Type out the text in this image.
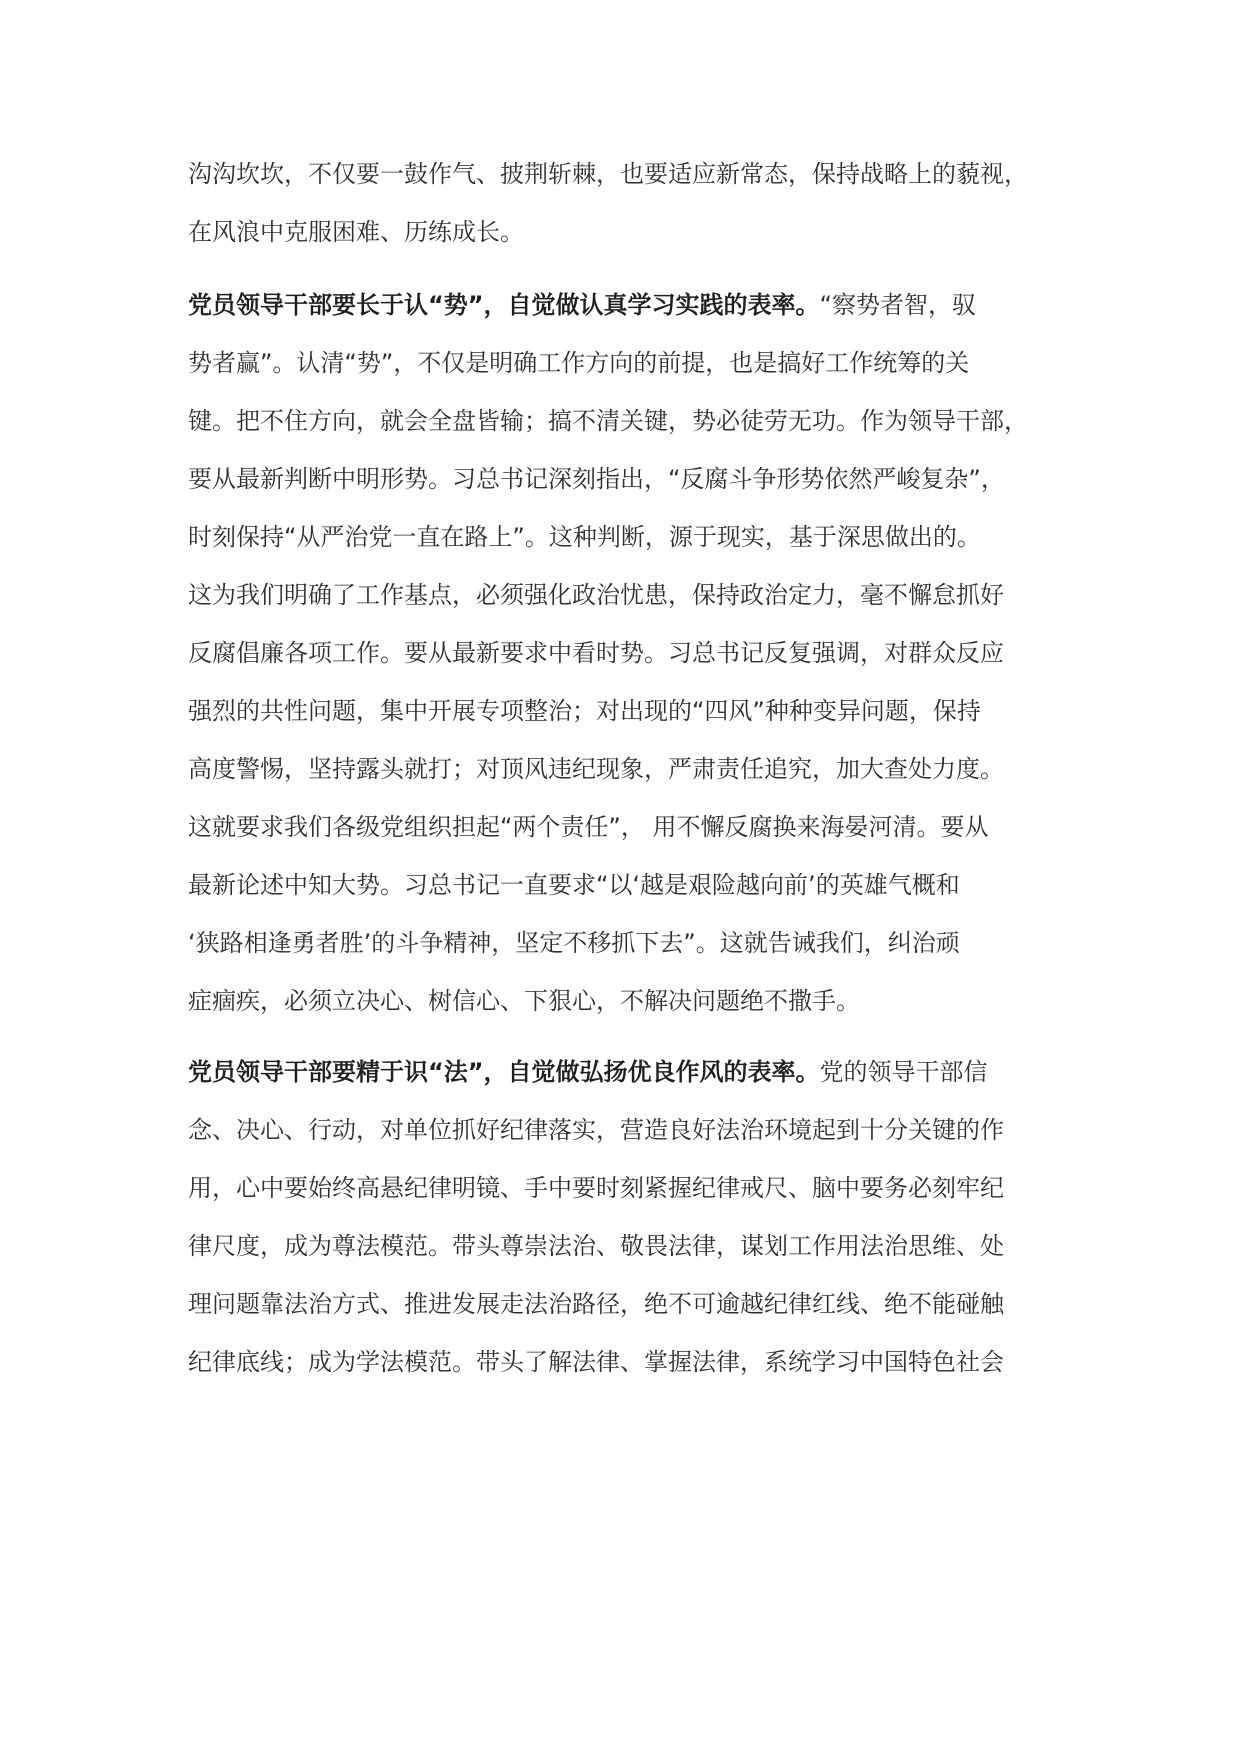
沟沟坎坎，不仅要一鼓作气、披荆斩棘，也要适应新常态，保持战略上的藐视，
在风浪中克服困难、历练成长。
党员领导干部要长于认“势”，自觉做认真学习实践的表率。“察势者智，驭
势者赢”。认清“势”，不仅是明确工作方向的前提，也是搞好工作统筹的关
键。把不住方向，就会全盘皆输；搞不清关键，势必徒劳无功。作为领导干部，
要从最新判断中明形势。习总书记深刻指出，“反腐斗争形势依然严峻复杂”，
时刻保持“从严治党一直在路上”。这种判断，源于现实，基于深思做出的。
这为我们明确了工作基点，必须强化政治忧患，保持政治定力，毫不懈怠抓好
反腐倡廉各项工作。要从最新要求中看时势。习总书记反复强调，对群众反应
强烈的共性问题，集中开展专项整治；对出现的“四风”种种变异问题，保持
高度警惕，坚持露头就打；对顶风违纪现象，严肃责任追究，加大查处力度。
这就要求我们各级党组织担起“两个责任”， 用不懈反腐换来海晏河清。要从
最新论述中知大势。习总书记一直要求“以‘越是艰险越向前’的英雄气概和
‘狭路相逢勇者胜’的斗争精神，坚定不移抓下去”。这就告诫我们，纠治顽
症痼疾，必须立决心、树信心、下狠心，不解决问题绝不撒手。
党员领导干部要精于识“法”，自觉做弘扬优良作风的表率。党的领导干部信
念、决心、行动，对单位抓好纪律落实，营造良好法治环境起到十分关键的作
用，心中要始终高悬纪律明镜、手中要时刻紧握纪律戒尺、脑中要务必刻牢纪
律尺度，成为尊法模范。带头尊崇法治、敬畏法律，谋划工作用法治思维、处
理问题靠法治方式、推进发展走法治路径，绝不可逾越纪律红线、绝不能碰触
纪律底线；成为学法模范。带头了解法律、掌握法律，系统学习中国特色社会
